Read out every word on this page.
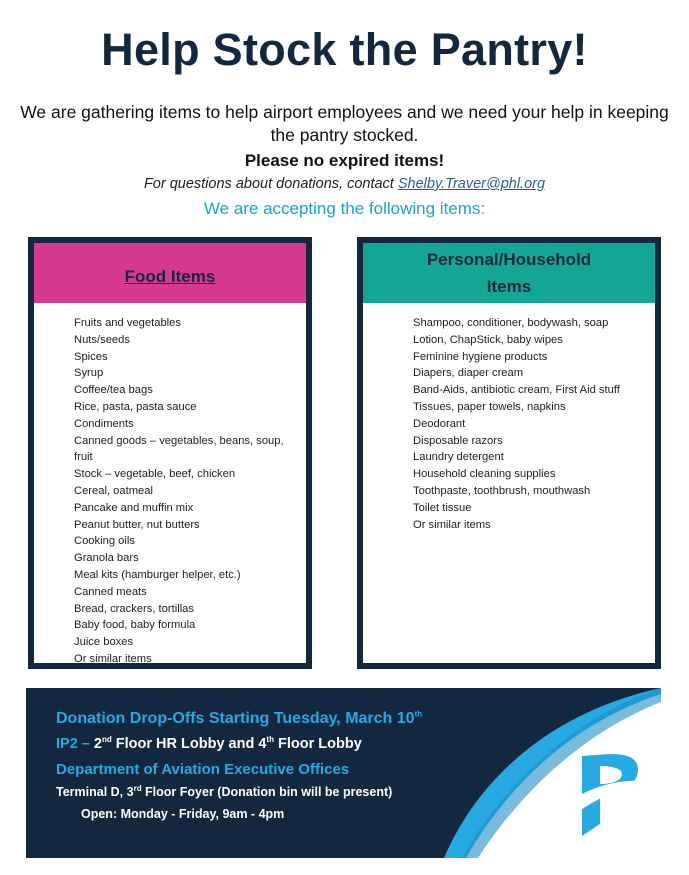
Help Stock the Pantry!
We are gathering items to help airport employees and we need your help in keeping the pantry stocked.
Please no expired items!
For questions about donations, contact Shelby.Traver@phl.org
We are accepting the following items:
Food Items
Fruits and vegetables
Nuts/seeds
Spices
Syrup
Coffee/tea bags
Rice, pasta, pasta sauce
Condiments
Canned goods – vegetables, beans, soup, fruit
Stock – vegetable, beef, chicken
Cereal, oatmeal
Pancake and muffin mix
Peanut butter, nut butters
Cooking oils
Granola bars
Meal kits (hamburger helper, etc.)
Canned meats
Bread, crackers, tortillas
Baby food, baby formula
Juice boxes
Or similar items
Personal/Household
Items
Shampoo, conditioner, bodywash, soap
Lotion, ChapStick, baby wipes
Feminine hygiene products
Diapers, diaper cream
Band-Aids, antibiotic cream, First Aid stuff
Tissues, paper towels, napkins
Deodorant
Disposable razors
Laundry detergent
Household cleaning supplies
Toothpaste, toothbrush, mouthwash
Toilet tissue
Or similar items
Donation Drop-Offs Starting Tuesday, March 10th
IP2 – 2nd Floor HR Lobby and 4th Floor Lobby
Department of Aviation Executive Offices
Terminal D, 3rd Floor Foyer (Donation bin will be present)
Open: Monday - Friday, 9am - 4pm
